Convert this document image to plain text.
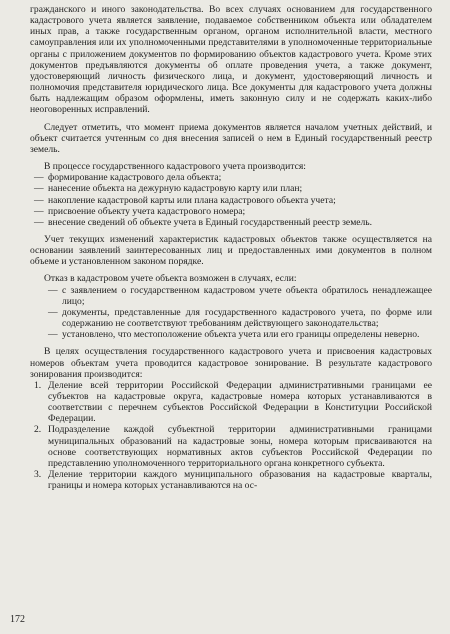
гражданского и иного законодательства. Во всех случаях основанием для государственного кадастрового учета является заявление, подаваемое собственником объекта или обладателем иных прав, а также государственным органом, органом исполнительной власти, местного самоуправления или их уполномоченными представителями в уполномоченные территориальные органы с приложением документов по формированию объектов кадастрового учета. Кроме этих документов предъявляются документы об оплате проведения учета, а также документ, удостоверяющий личность физического лица, и документ, удостоверяющий личность и полномочия представителя юридического лица. Все документы для кадастрового учета должны быть надлежащим образом оформлены, иметь законную силу и не содержать каких-либо неоговоренных исправлений.

Следует отметить, что момент приема документов является началом учетных действий, и объект считается учтенным со дня внесения записей о нем в Единый государственный реестр земель.

В процессе государственного кадастрового учета производится:

— формирование кадастрового дела объекта;
— нанесение объекта на дежурную кадастровую карту или план;
— накопление кадастровой карты или плана кадастрового объекта учета;
— присвоение объекту учета кадастрового номера;
— внесение сведений об объекте учета в Единый государственный реестр земель.

Учет текущих изменений характеристик кадастровых объектов также осуществляется на основании заявлений заинтересованных лиц и предоставленных ими документов в полном объеме и установленном законом порядке.

Отказ в кадастровом учете объекта возможен в случаях, если:

— с заявлением о государственном кадастровом учете объекта обратилось ненадлежащее лицо;
— документы, представленные для государственного кадастрового учета, по форме или содержанию не соответствуют требованиям действующего законодательства;
— установлено, что местоположение объекта учета или его границы определены неверно.

В целях осуществления государственного кадастрового учета и присвоения кадастровых номеров объектам учета проводится кадастровое зонирование. В результате кадастрового зонирования производится:

1. Деление всей территории Российской Федерации административными границами ее субъектов на кадастровые округа, кадастровые номера которых устанавливаются в соответствии с перечнем субъектов Российской Федерации в Конституции Российской Федерации.
2. Подразделение каждой субъектной территории административными границами муниципальных образований на кадастровые зоны, номера которым присваиваются на основе соответствующих нормативных актов субъектов Российской Федерации по представлению уполномоченного территориального органа конкретного субъекта.
3. Деление территории каждого муниципального образования на кадастровые кварталы, границы и номера которых устанавливаются на ос-
172
